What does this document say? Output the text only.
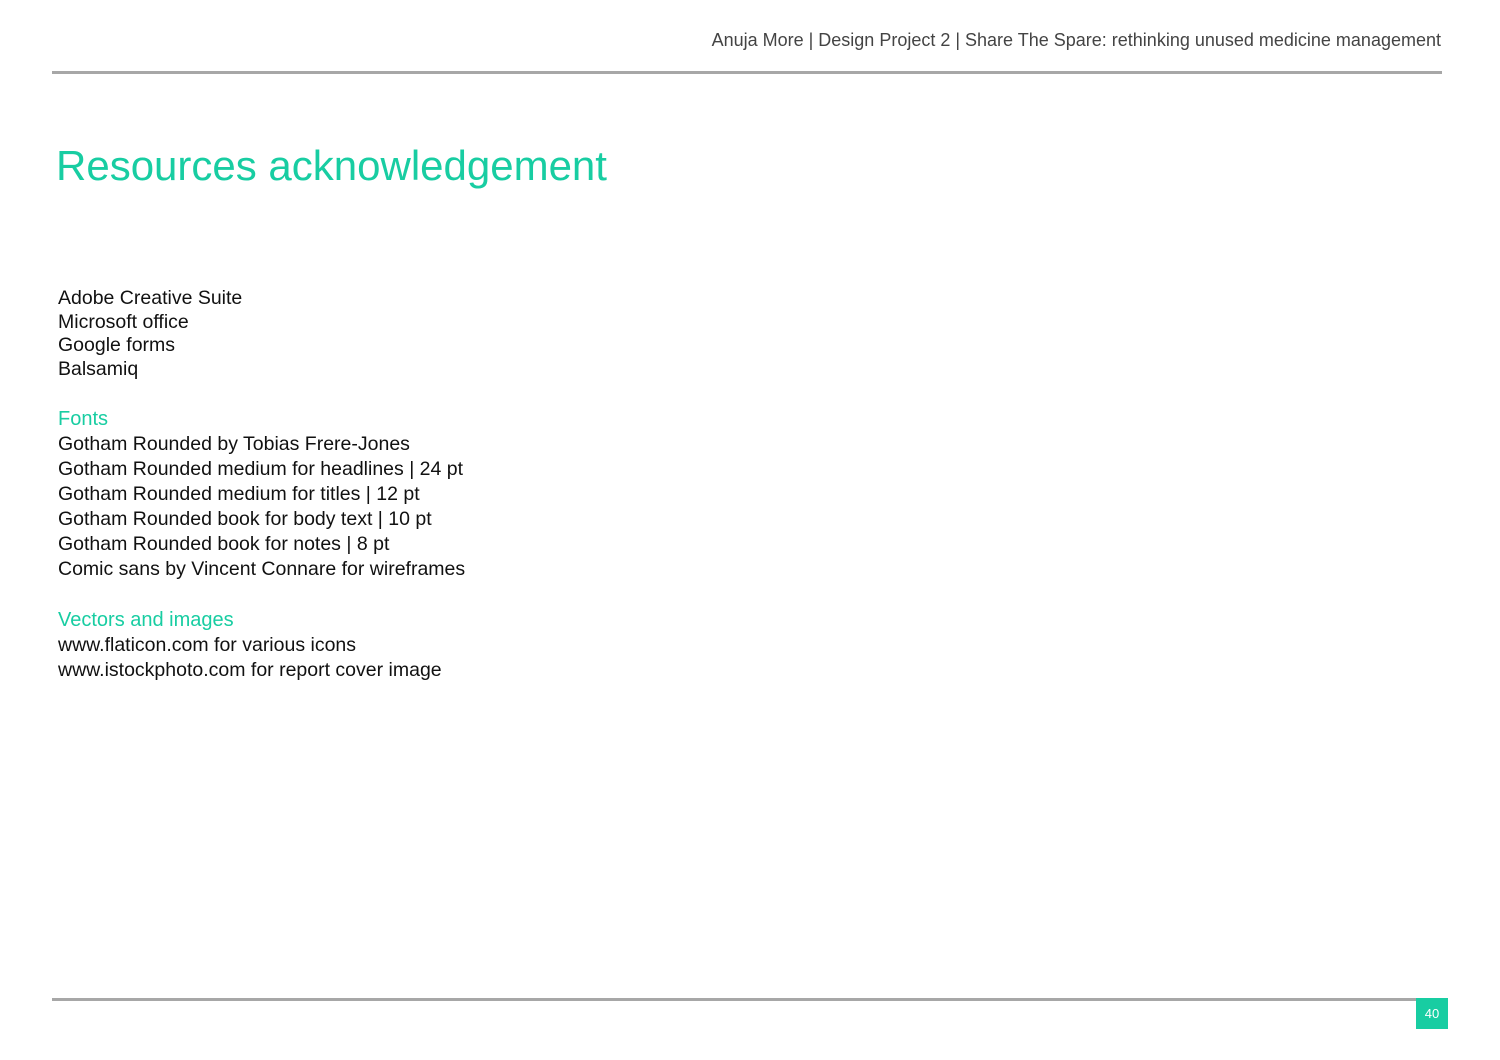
Anuja More | Design Project 2 | Share The Spare: rethinking unused medicine management
Resources acknowledgement
Adobe Creative Suite
Microsoft office
Google forms
Balsamiq
Fonts
Gotham Rounded by Tobias Frere-Jones
Gotham Rounded medium for headlines | 24 pt
Gotham Rounded medium for titles | 12 pt
Gotham Rounded book for body text | 10 pt
Gotham Rounded book for notes | 8 pt
Comic sans by Vincent Connare for wireframes
Vectors and images
www.flaticon.com for various icons
www.istockphoto.com for report cover image
40
